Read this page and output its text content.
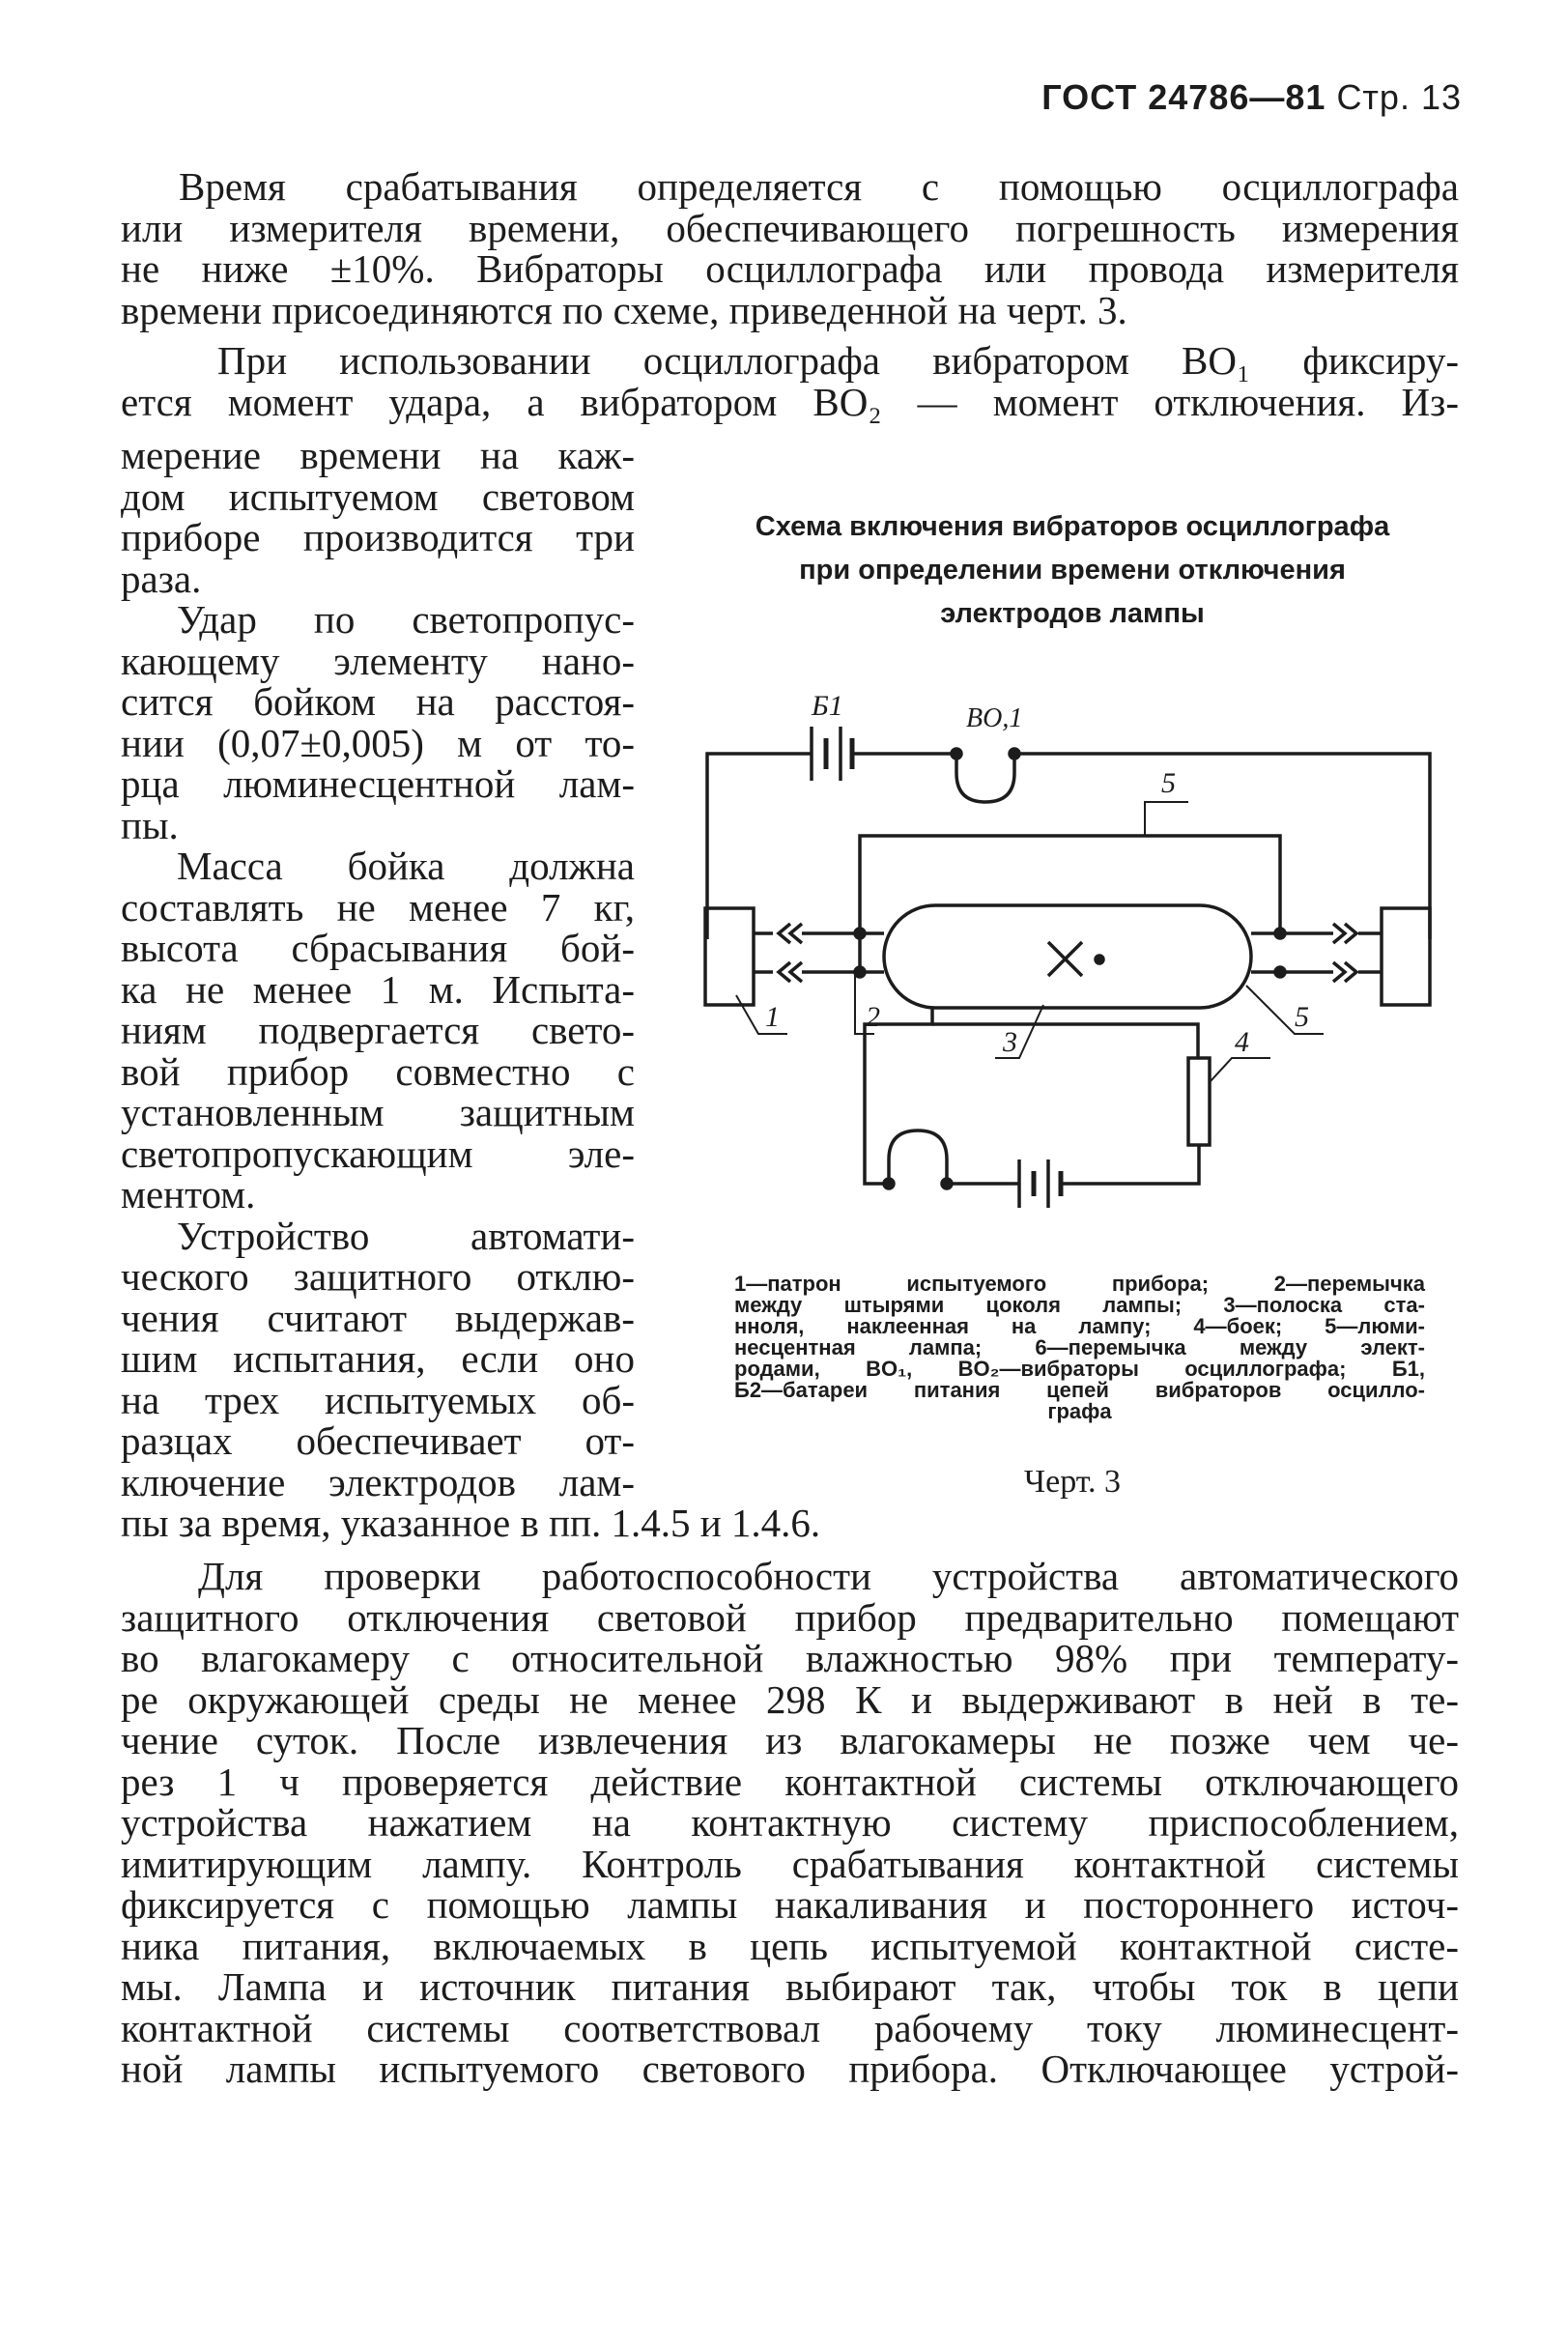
ГОСТ 24786—81 Стр. 13
Время срабатывания определяется с помощью осциллографа
или измерителя времени, обеспечивающего погрешность измерения
не ниже ±10%. Вибраторы осциллографа или провода измерителя
времени присоединяются по схеме, приведенной на черт. 3.
При использовании осциллографа вибратором BO₁ фиксиру-
ется момент удара, а вибратором BO₂ — момент отключения. Из-
мерение времени на каж-
дом испытуемом световом
приборе производится три
раза.
Удар по светопропус-
кающему элементу нано-
сится бойком на расстоя-
нии (0,07±0,005) м от то-
рца люминесцентной лам-
пы.
Масса бойка должна
составлять не менее 7 кг,
высота сбрасывания бой-
ка не менее 1 м. Испыта-
ниям подвергается свето-
вой прибор совместно с
установленным защитным
светопропускающим эле-
ментом.
Устройство автомати-
ческого защитного отклю-
чения считают выдержав-
шим испытания, если оно
на трех испытуемых об-
разцах обеспечивает от-
ключение электродов лам-
пы за время, указанное в пп. 1.4.5 и 1.4.6.
Схема включения вибраторов осциллографа
при определении времени отключения
электродов лампы
Б1	BO,1
5
1	2
3	4
5
1—патрон испытуемого прибора; 2—перемычка
между штырями цоколя лампы; 3—полоска ста-
нноля, наклеенная на лампу; 4—боек; 5—люми-
несцентная лампа; 6—перемычка между элект-
родами, BO₁, BO₂—вибраторы осциллографа; Б1,
Б2—батареи питания цепей вибраторов осцилло-
графа
Черт. 3
Для проверки работоспособности устройства автоматического
защитного отключения световой прибор предварительно помещают
во влагокамеру с относительной влажностью 98% при температу-
ре окружающей среды не менее 298 К и выдерживают в ней в те-
чение суток. После извлечения из влагокамеры не позже чем че-
рез 1 ч проверяется действие контактной системы отключающего
устройства нажатием на контактную систему приспособлением,
имитирующим лампу. Контроль срабатывания контактной системы
фиксируется с помощью лампы накаливания и постороннего источ-
ника питания, включаемых в цепь испытуемой контактной систе-
мы. Лампа и источник питания выбирают так, чтобы ток в цепи
контактной системы соответствовал рабочему току люминесцент-
ной лампы испытуемого светового прибора. Отключающее устрой-
